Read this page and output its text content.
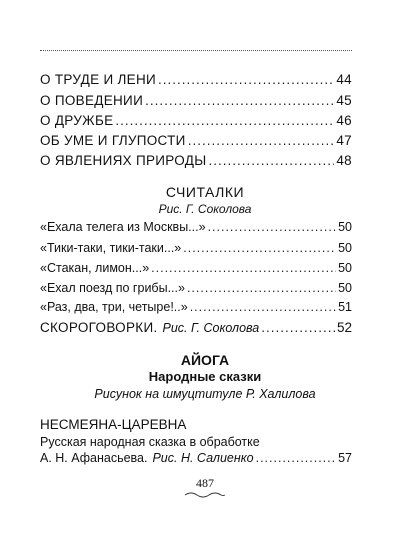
О ТРУДЕ И ЛЕНИ .....	44
О ПОВЕДЕНИИ .....	45
О ДРУЖБЕ .....	46
ОБ УМЕ И ГЛУПОСТИ .....	47
О ЯВЛЕНИЯХ ПРИРОДЫ .....	48
СЧИТАЛКИ
Рис. Г. Соколова
«Ехала телега из Москвы...» .....	50
«Тики-таки, тики-таки...» .....	50
«Стакан, лимон...» .....	50
«Ехал поезд по грибы...» .....	50
«Раз, два, три, четыре!..» .....	51
СКОРОГОВОРКИ. Рис. Г. Соколова .....	52
АЙОГА
Народные сказки
Рисунок на шмуцтитуле Р. Халилова
НЕСМЕЯНА-ЦАРЕВНА
Русская народная сказка в обработке
А. Н. Афанасьева. Рис. Н. Салиенко .....	57
487
